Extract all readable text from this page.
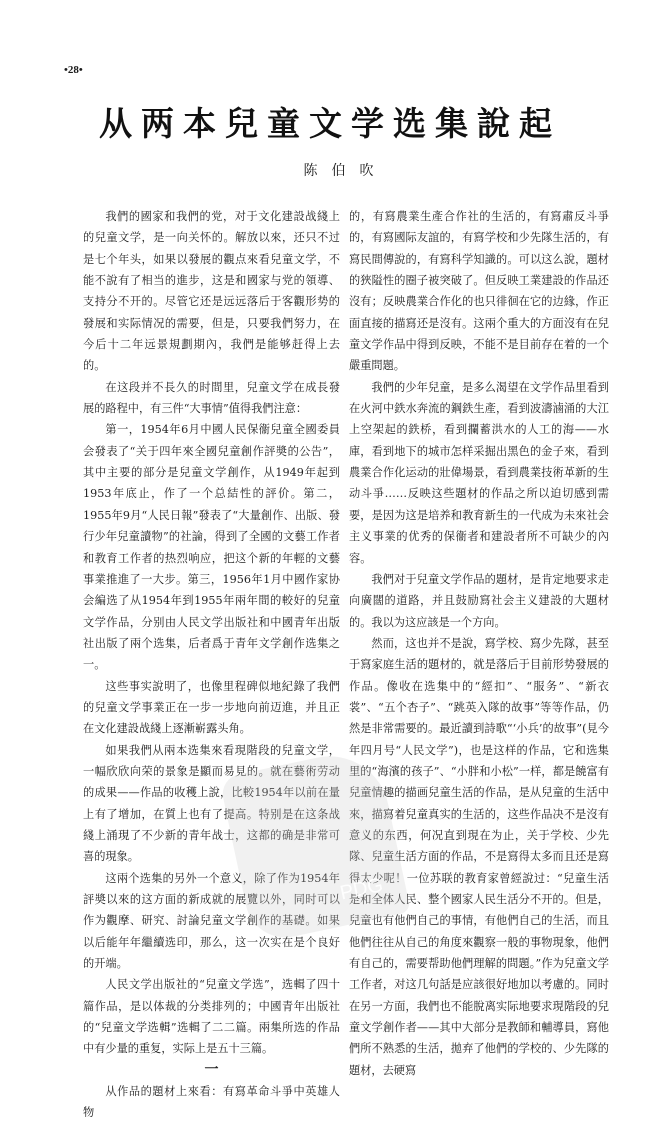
•28•
从两本兒童文学选集說起
陈伯吹

我們的國家和我們的党，对于文化建設战綫上的兒童文学，是一向关怀的。解放以來，还只不过是七个年头，如果以發展的觀点來看兒童文学，不能不說有了相当的進步，这是和國家与党的領導、支持分不开的。尽管它还是远远落后于客觀形势的發展和实际情况的需要，但是，只要我們努力，在今后十二年远景規劃期內，我們是能够赶得上去的。

在这段并不長久的时間里，兒童文学在成長發展的路程中，有三件“大事情”值得我們注意：

第一，1954年6月中國人民保衞兒童全國委員会發表了“关于四年來全國兒童創作評奬的公告”，其中主要的部分是兒童文学創作，从1949年起到1953年底止，作了一个总結性的評价。第二，1955年9月“人民日報”發表了“大量創作、出版、發行少年兒童讀物”的社論，得到了全國的文藝工作者和教育工作者的热烈响应，把这个新的年輕的文藝事業推進了一大步。第三，1956年1月中國作家协会編选了从1954年到1955年兩年間的較好的兒童文学作品，分别由人民文学出版社和中國青年出版社出版了兩个选集，后者爲于青年文学創作选集之一。

这些事实說明了，也像里程碑似地紀錄了我們的兒童文学事業正在一步一步地向前迈進，并且正在文化建設战綫上逐漸嶄露头角。

如果我們从兩本选集來看現階段的兒童文学，一幅欣欣向荣的景象是顯而易見的。就在藝術劳动的成果——作品的收穫上說，比較1954年以前在量上有了增加，在質上也有了提高。特别是在这条战綫上涌現了不少新的青年战士，这都的确是非常可喜的現象。

这兩个选集的另外一个意义，除了作为1954年評奬以來的这方面的新成就的展覽以外，同时可以作为觀摩、研究、討論兒童文学創作的基礎。如果以后能年年繼續选印，那么，这一次实在是个良好的开端。

人民文学出版社的“兒童文学选”，选輯了四十篇作品，是以体裁的分类排列的；中國青年出版社的“兒童文学选輯”选輯了二二篇。兩集所选的作品中有少量的重复，实际上是五十三篇。

一

从作品的題材上來看：有寫革命斗爭中英雄人物

的，有寫農業生產合作社的生活的，有寫肅反斗爭的，有寫國际友誼的，有寫学校和少先隊生活的，有寫民間傳說的，有寫科学知識的。可以这么說，題材的狹隘性的圈子被突破了。但反映工業建設的作品还沒有；反映農業合作化的也只徘徊在它的边緣，作正面直接的描寫还是沒有。这兩个重大的方面沒有在兒童文学作品中得到反映，不能不是目前存在着的一个嚴重問題。

我們的少年兒童，是多么渴望在文学作品里看到在火河中鉄水奔流的鋼鉄生產，看到波濤滷涌的大江上空架起的鉄桥，看到攔蓄洪水的人工的海——水庫，看到地下的城市怎样采掘出黑色的金子來，看到農業合作化运动的壯偉場景，看到農業技術革新的生动斗爭……反映这些題材的作品之所以迫切感到需要，是因为这是培养和教育新生的一代成为未來社会主义事業的优秀的保衞者和建設者所不可缺少的內容。

我們对于兒童文学作品的題材，是肯定地要求走向廣闊的道路，并且鼓励寫社会主义建設的大題材的。我以为这应該是一个方向。

然而，这也并不是說，寫学校、寫少先隊，甚至于寫家庭生活的題材的，就是落后于目前形势發展的作品。像收在选集中的“經扣”、“服务”、“新衣裳”、“五个杏子”、“跳英入隊的故事”等等作品，仍然是非常需要的。最近讀到詩歌“‘小兵’的故事”(見今年四月号“人民文学”)，也是这样的作品，它和选集里的“海濱的孩子”、“小胖和小松”一样，都是饒富有兒童情趣的描画兒童生活的作品，是从兒童的生活中來，描寫着兒童真实的生活的，这些作品决不是沒有意义的东西，何况直到現在为止，关于学校、少先隊、兒童生活方面的作品，不是寫得太多而且还是寫得太少呢！一位苏联的教育家曾經說过：“兒童生活是和全体人民、整个國家人民生活分不开的。但是，兒童也有他們自己的事情，有他們自己的生活，而且他們往往从自己的角度來觀察一般的事物現象，他們有自己的，需要帮助他們理解的問題。”作为兒童文学工作者，对这几句話是应該很好地加以考慮的。同时在另一方面，我們也不能脫离实际地要求現階段的兒童文学創作者——其中大部分是教師和輔導員，寫他們所不熟悉的生活，拋弃了他們的学校的、少先隊的題材，去硬寫

PDG
